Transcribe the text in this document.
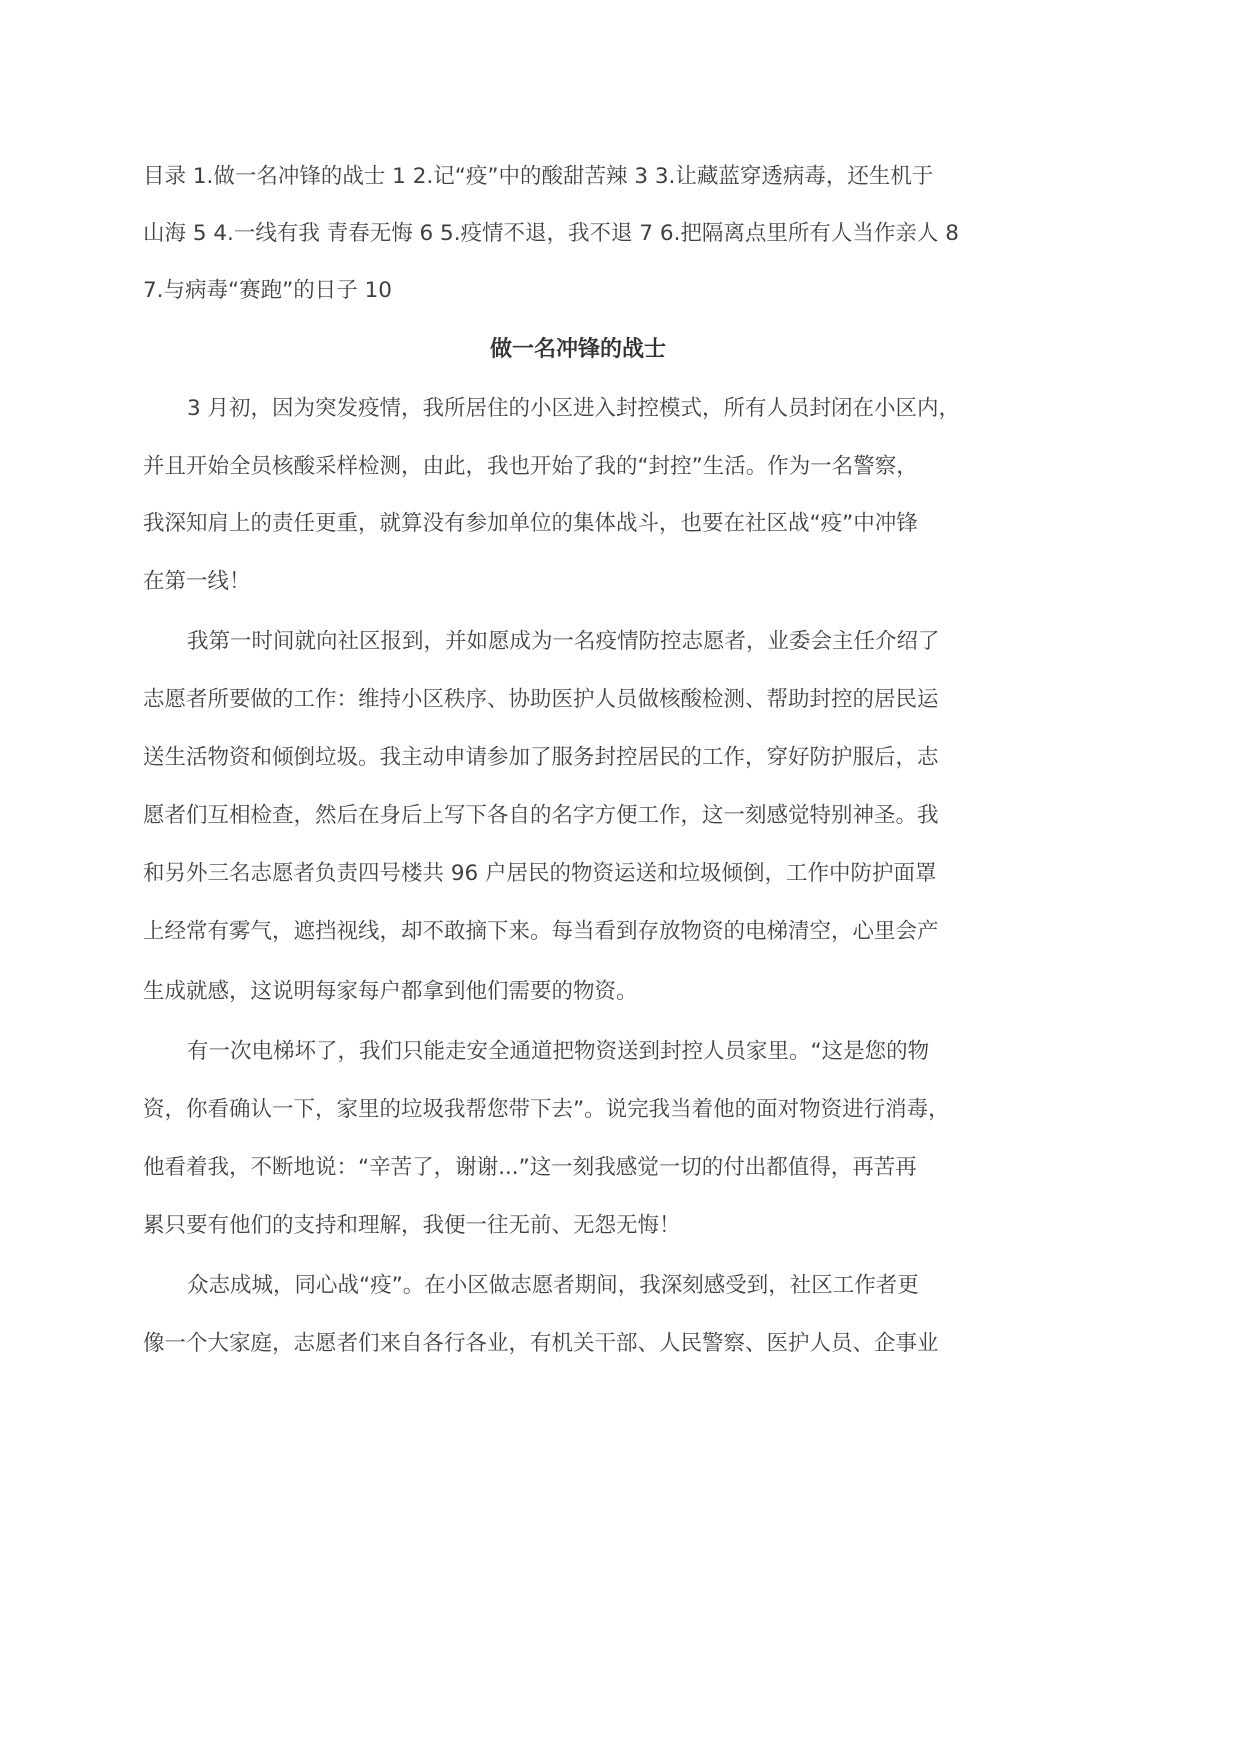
目录 1.做一名冲锋的战士 1 2.记“疫”中的酸甜苦辣 3 3.让藏蓝穿透病毒，还生机于
山海 5 4.一线有我 青春无悔 6 5.疫情不退，我不退 7 6.把隔离点里所有人当作亲人 8
7.与病毒“赛跑”的日子 10
做一名冲锋的战士
3 月初，因为突发疫情，我所居住的小区进入封控模式，所有人员封闭在小区内，
并且开始全员核酸采样检测，由此，我也开始了我的“封控”生活。作为一名警察，
我深知肩上的责任更重，就算没有参加单位的集体战斗，也要在社区战“疫”中冲锋
在第一线！
我第一时间就向社区报到，并如愿成为一名疫情防控志愿者，业委会主任介绍了
志愿者所要做的工作：维持小区秩序、协助医护人员做核酸检测、帮助封控的居民运
送生活物资和倾倒垃圾。我主动申请参加了服务封控居民的工作，穿好防护服后，志
愿者们互相检查，然后在身后上写下各自的名字方便工作，这一刻感觉特别神圣。我
和另外三名志愿者负责四号楼共 96 户居民的物资运送和垃圾倾倒，工作中防护面罩
上经常有雾气，遮挡视线，却不敢摘下来。每当看到存放物资的电梯清空，心里会产
生成就感，这说明每家每户都拿到他们需要的物资。
有一次电梯坏了，我们只能走安全通道把物资送到封控人员家里。“这是您的物
资，你看确认一下，家里的垃圾我帮您带下去”。说完我当着他的面对物资进行消毒，
他看着我，不断地说：“辛苦了，谢谢...”这一刻我感觉一切的付出都值得，再苦再
累只要有他们的支持和理解，我便一往无前、无怨无悔！
众志成城，同心战“疫”。在小区做志愿者期间，我深刻感受到，社区工作者更
像一个大家庭，志愿者们来自各行各业，有机关干部、人民警察、医护人员、企事业
